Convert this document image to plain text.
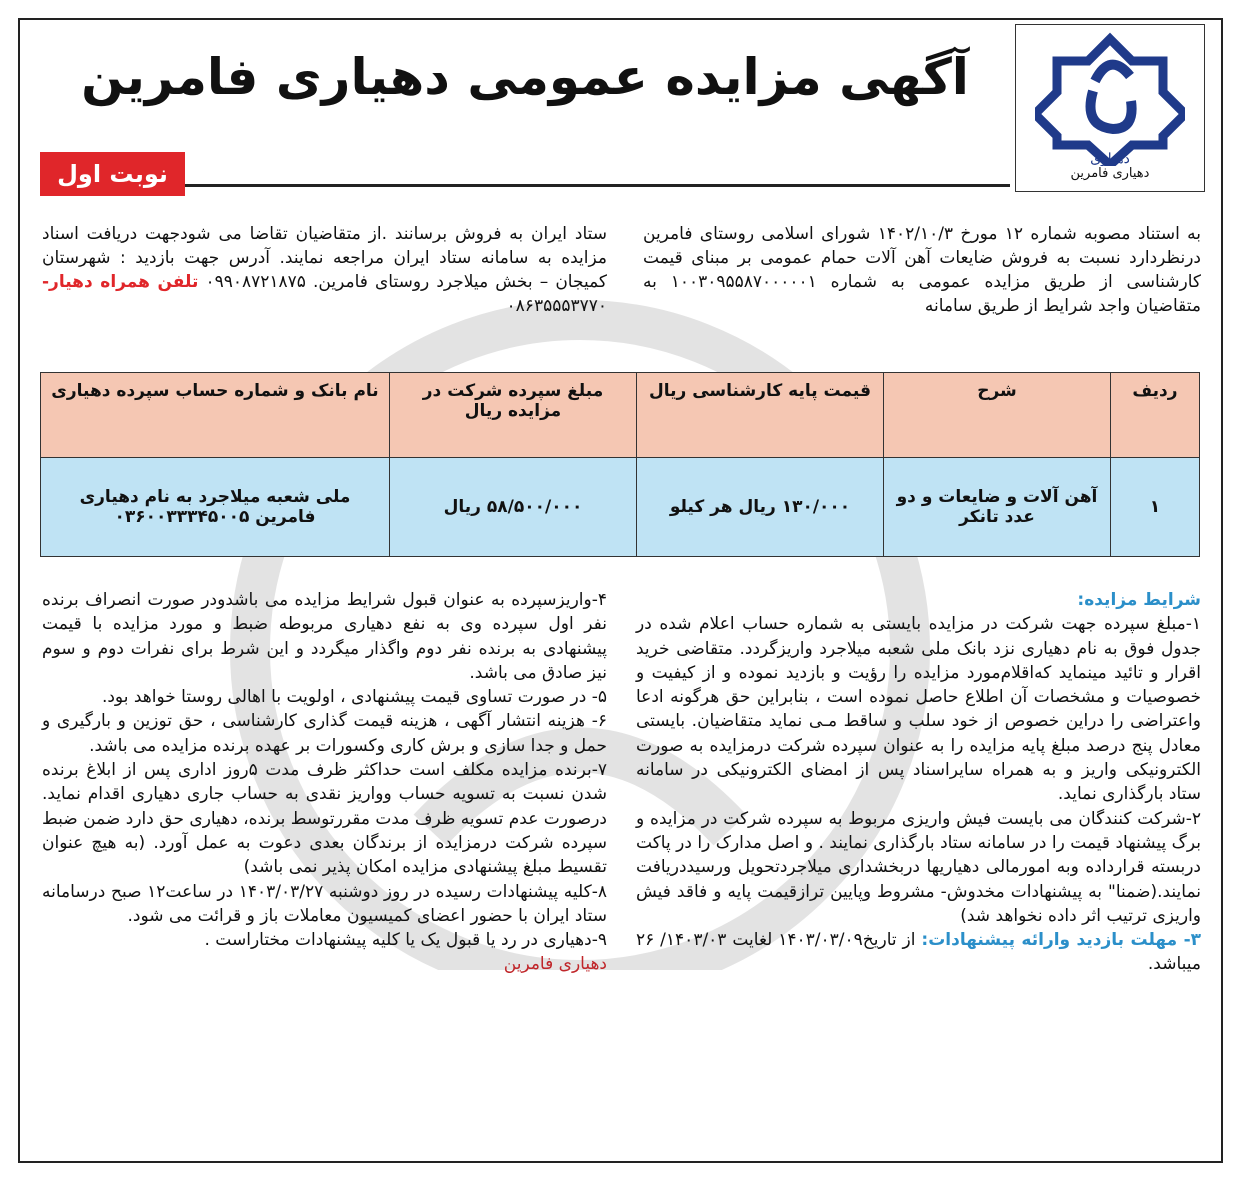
دهیاری
دهیاری فامرین
آگهی مزایده عمومی دهیاری فامرین
نوبت اول
به استناد مصوبه شماره ۱۲ مورخ ۱۴۰۲/۱۰/۳ شورای اسلامی روستای فامرین درنظردارد نسبت به فروش ضایعات آهن آلات حمام عمومی بر مبنای قیمت کارشناسی از طریق مزایده عمومی به شماره ۱۰۰۳۰۹۵۵۸۷۰۰۰۰۰۱ به متقاضیان واجد شرایط از طریق سامانه
ستاد ایران به فروش برسانند .از متقاضیان تقاضا می شودجهت دریافت اسناد مزایده به سامانه ستاد ایران مراجعه نمایند. آدرس جهت بازدید : شهرستان کمیجان – بخش میلاجرد روستای فامرین. ۰۹۹۰۸۷۲۱۸۷۵ تلفن همراه دهیار- ۰۸۶۳۵۵۵۳۷۷۰
ردیف	شرح	قیمت پایه کارشناسی ریال	مبلغ سپرده شرکت در مزایده ریال	نام بانک و شماره حساب سپرده دهیاری
۱	آهن آلات و ضایعات و دو عدد تانکر	۱۳۰/۰۰۰ ریال هر کیلو	۵۸/۵۰۰/۰۰۰ ریال	ملی شعبه میلاجرد به نام دهیاری فامرین ۰۳۶۰۰۳۳۳۴۵۰۰۵

شرایط مزایده:

۱-مبلغ سپرده جهت شرکت در مزایده بایستی به شماره حساب اعلام شده در جدول فوق به نام دهیاری نزد بانک ملی شعبه میلاجرد واریزگردد. متقاضی خرید اقرار و تائید مینماید که‌اقلام‌مورد مزایده را رؤیت و بازدید نموده و از کیفیت و خصوصیات و مشخصات آن اطلاع حاصل نموده است ، بنابراین حق هرگونه ادعا واعتراضی را دراین خصوص از خود سلب و ساقط مـی نماید متقاضیان. بایستی معادل پنج درصد مبلغ پایه مزایده را به عنوان سپرده شرکت درمزایده به صورت الکترونیکی واریز و به همراه سایراسناد پس از امضای الکترونیکی در سامانه ستاد بارگذاری نماید.

۲-شرکت کنندگان می بایست فیش واریزی مربوط به سپرده شرکت در مزایده و برگ پیشنهاد قیمت را در سامانه ستاد بارگذاری نمایند . و اصل مدارک را در پاکت دربسته قرارداده وبه امورمالی دهیاریها دربخشداری میلاجردتحویل ورسیددریافت نمایند.(ضمنا" به پیشنهادات مخدوش- مشروط وپایین ترازقیمت پایه و فاقد فیش واریزی ترتیب اثر داده نخواهد شد)

۳- مهلت بازدید وارائه پیشنهادات: از تاریخ۱۴۰۳/۰۳/۰۹ لغایت ۱۴۰۳/۰۳/ ۲۶ میباشد.

۴-واریزسپرده به عنوان قبول شرایط مزایده می باشدودر صورت انصراف برنده نفر اول سپرده وی به نفع دهیاری مربوطه ضبط و مورد مزایده با قیمت پیشنهادی به برنده نفر دوم واگذار میگردد و این شرط برای نفرات دوم و سوم نیز صادق می باشد.

۵- در صورت تساوی قیمت پیشنهادی ، اولویت با اهالی روستا خواهد بود.

۶- هزینه انتشار آگهی ، هزینه قیمت گذاری کارشناسی ، حق توزین و بارگیری و حمل و جدا سازی و برش کاری وکسورات بر عهده برنده مزایده می باشد.

۷-برنده مزایده مکلف است حداکثر ظرف مدت ۵روز اداری پس از ابلاغ برنده شدن نسبت به تسویه حساب وواریز نقدی به حساب جاری دهیاری اقدام نماید. درصورت عدم تسویه ظرف مدت مقررتوسط برنده، دهیاری حق دارد ضمن ضبط سپرده شرکت درمزایده از برندگان بعدی دعوت به عمل آورد. (به هیچ عنوان تقسیط مبلغ پیشنهادی مزایده امکان پذیر نمی باشد)

۸-کلیه پیشنهادات رسیده در روز دوشنبه ۱۴۰۳/۰۳/۲۷ در ساعت۱۲ صبح درسامانه ستاد ایران با حضور اعضای کمیسیون معاملات باز و قرائت می شود.

۹-دهیاری در رد یا قبول یک یا کلیه پیشنهادات مختاراست .

دهیاری فامرین
